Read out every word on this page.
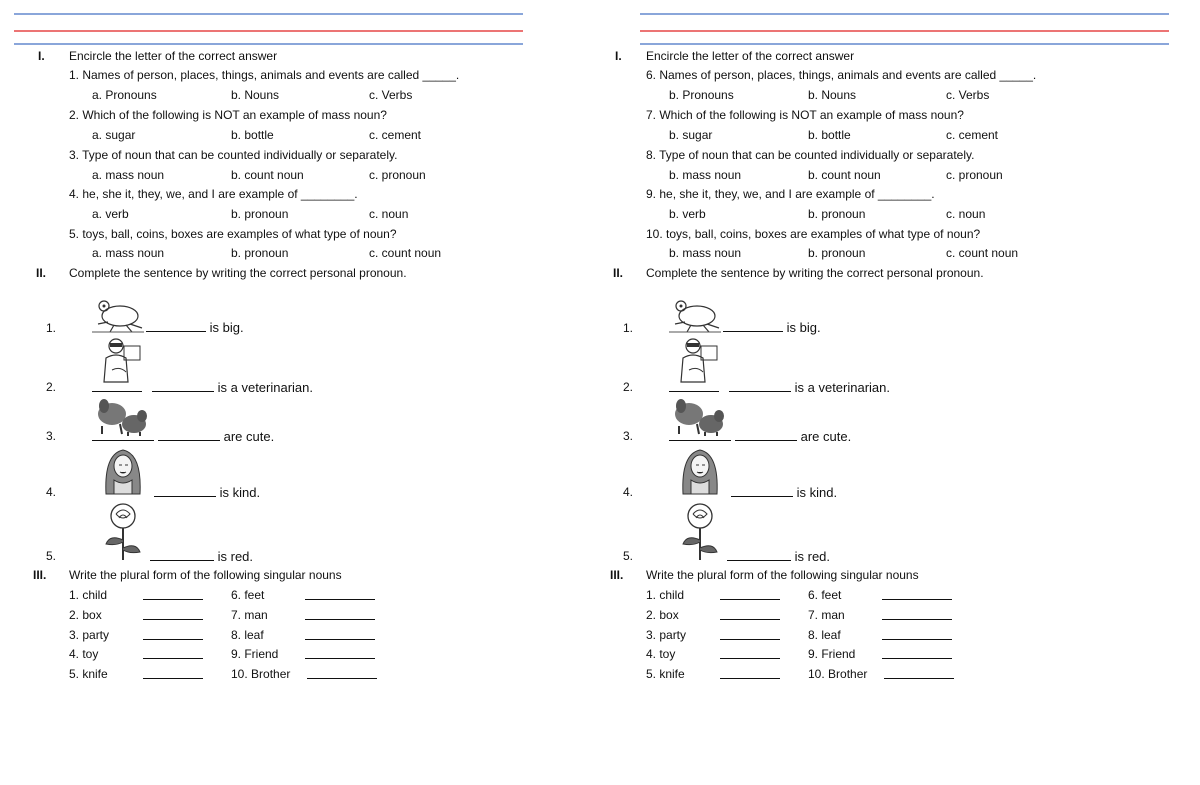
I. Encircle the letter of the correct answer
1. Names of person, places, things, animals and events are called _____.
a. Pronouns	b. Nouns	c. Verbs
2. Which of the following is NOT an example of mass noun?
a. sugar	b. bottle	c. cement
3. Type of noun that can be counted individually or separately.
a. mass noun	b. count noun	c. pronoun
4. he, she it, they, we, and I are example of ________.
a. verb	b. pronoun	c. noun
5. toys, ball, coins, boxes are examples of what type of noun?
a. mass noun	b. pronoun	c. count noun
II. Complete the sentence by writing the correct personal pronoun.
1.	is big.
2.	is a veterinarian.
3.	are cute.
4.	is kind.
5.	is red.
III. Write the plural form of the following singular nouns
1. child	6. feet
2. box	7. man
3. party	8. leaf
4. toy	9. Friend
5. knife	10. Brother
I. Encircle the letter of the correct answer
6. Names of person, places, things, animals and events are called _____.
b. Pronouns	b. Nouns	c. Verbs
7. Which of the following is NOT an example of mass noun?
b. sugar	b. bottle	c. cement
8. Type of noun that can be counted individually or separately.
b. mass noun	b. count noun	c. pronoun
9. he, she it, they, we, and I are example of ________.
b. verb	b. pronoun	c. noun
10. toys, ball, coins, boxes are examples of what type of noun?
b. mass noun	b. pronoun	c. count noun
II. Complete the sentence by writing the correct personal pronoun.
1.	is big.
2.	is a veterinarian.
3.	are cute.
4.	is kind.
5.	is red.
III. Write the plural form of the following singular nouns
1. child	6. feet
2. box	7. man
3. party	8. leaf
4. toy	9. Friend
5. knife	10. Brother
